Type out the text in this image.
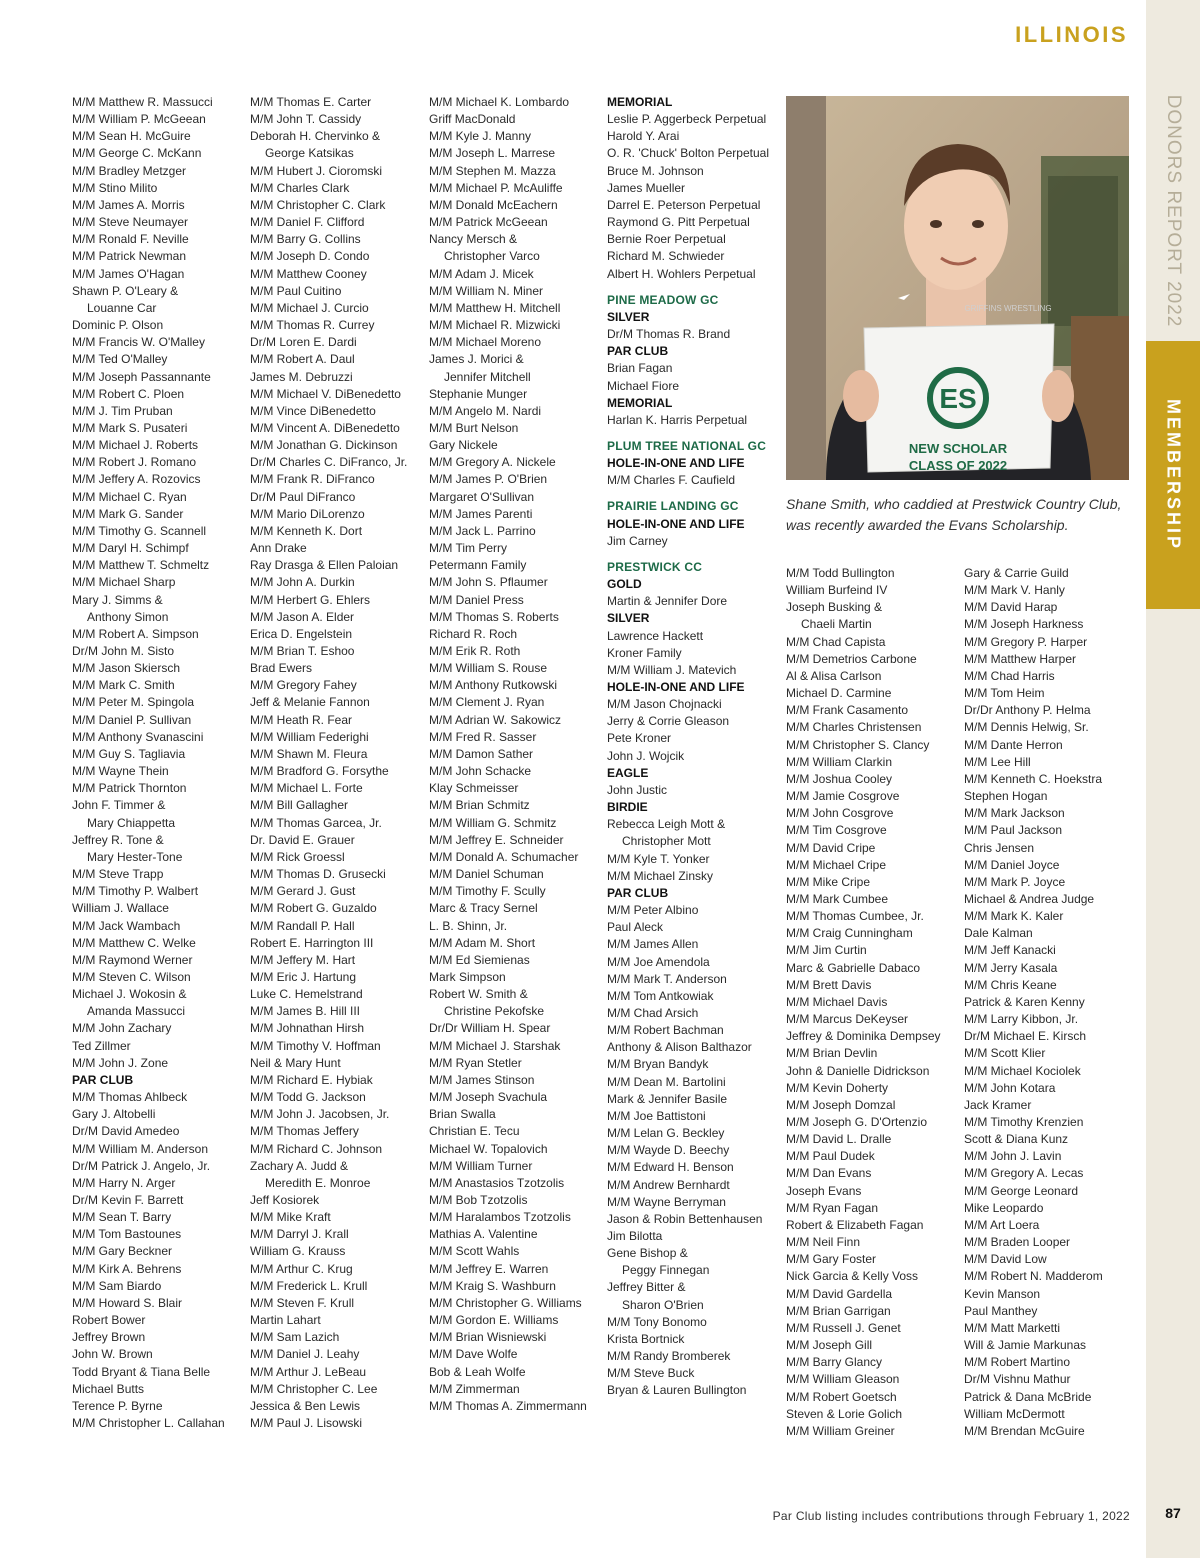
DONORS REPORT 2022
MEMBERSHIP
ILLINOIS
M/M Matthew R. Massucci
M/M William P. McGeean
M/M Sean H. McGuire
M/M George C. McKann
M/M Bradley Metzger
M/M Stino Milito
M/M James A. Morris
M/M Steve Neumayer
M/M Ronald F. Neville
M/M Patrick Newman
M/M James O'Hagan
Shawn P. O'Leary &
Louanne Car
Dominic P. Olson
M/M Francis W. O'Malley
M/M Ted O'Malley
M/M Joseph Passannante
M/M Robert C. Ploen
M/M J. Tim Pruban
M/M Mark S. Pusateri
M/M Michael J. Roberts
M/M Robert J. Romano
M/M Jeffery A. Rozovics
M/M Michael C. Ryan
M/M Mark G. Sander
M/M Timothy G. Scannell
M/M Daryl H. Schimpf
M/M Matthew T. Schmeltz
M/M Michael Sharp
Mary J. Simms &
Anthony Simon
M/M Robert A. Simpson
Dr/M John M. Sisto
M/M Jason Skiersch
M/M Mark C. Smith
M/M Peter M. Spingola
M/M Daniel P. Sullivan
M/M Anthony Svanascini
M/M Guy S. Tagliavia
M/M Wayne Thein
M/M Patrick Thornton
John F. Timmer &
Mary Chiappetta
Jeffrey R. Tone &
Mary Hester-Tone
M/M Steve Trapp
M/M Timothy P. Walbert
William J. Wallace
M/M Jack Wambach
M/M Matthew C. Welke
M/M Raymond Werner
M/M Steven C. Wilson
Michael J. Wokosin &
Amanda Massucci
M/M John Zachary
Ted Zillmer
M/M John J. Zone
PAR CLUB
M/M Thomas Ahlbeck
Gary J. Altobelli
Dr/M David Amedeo
M/M William M. Anderson
Dr/M Patrick J. Angelo, Jr.
M/M Harry N. Arger
Dr/M Kevin F. Barrett
M/M Sean T. Barry
M/M Tom Bastounes
M/M Gary Beckner
M/M Kirk A. Behrens
M/M Sam Biardo
M/M Howard S. Blair
Robert Bower
Jeffrey Brown
John W. Brown
Todd Bryant & Tiana Belle
Michael Butts
Terence P. Byrne
M/M Christopher L. Callahan
M/M Thomas E. Carter
M/M John T. Cassidy
Deborah H. Chervinko &
George Katsikas
M/M Hubert J. Cioromski
M/M Charles Clark
M/M Christopher C. Clark
M/M Daniel F. Clifford
M/M Barry G. Collins
M/M Joseph D. Condo
M/M Matthew Cooney
M/M Paul Cuitino
M/M Michael J. Curcio
M/M Thomas R. Currey
Dr/M Loren E. Dardi
M/M Robert A. Daul
James M. Debruzzi
M/M Michael V. DiBenedetto
M/M Vince DiBenedetto
M/M Vincent A. DiBenedetto
M/M Jonathan G. Dickinson
Dr/M Charles C. DiFranco, Jr.
M/M Frank R. DiFranco
Dr/M Paul DiFranco
M/M Mario DiLorenzo
M/M Kenneth K. Dort
Ann Drake
Ray Drasga & Ellen Paloian
M/M John A. Durkin
M/M Herbert G. Ehlers
M/M Jason A. Elder
Erica D. Engelstein
M/M Brian T. Eshoo
Brad Ewers
M/M Gregory Fahey
Jeff & Melanie Fannon
M/M Heath R. Fear
M/M William Federighi
M/M Shawn M. Fleura
M/M Bradford G. Forsythe
M/M Michael L. Forte
M/M Bill Gallagher
M/M Thomas Garcea, Jr.
Dr. David E. Grauer
M/M Rick Groessl
M/M Thomas D. Grusecki
M/M Gerard J. Gust
M/M Robert G. Guzaldo
M/M Randall P. Hall
Robert E. Harrington III
M/M Jeffery M. Hart
M/M Eric J. Hartung
Luke C. Hemelstrand
M/M James B. Hill III
M/M Johnathan Hirsh
M/M Timothy V. Hoffman
Neil & Mary Hunt
M/M Richard E. Hybiak
M/M Todd G. Jackson
M/M John J. Jacobsen, Jr.
M/M Thomas Jeffery
M/M Richard C. Johnson
Zachary A. Judd &
Meredith E. Monroe
Jeff Kosiorek
M/M Mike Kraft
M/M Darryl J. Krall
William G. Krauss
M/M Arthur C. Krug
M/M Frederick L. Krull
M/M Steven F. Krull
Martin Lahart
M/M Sam Lazich
M/M Daniel J. Leahy
M/M Arthur J. LeBeau
M/M Christopher C. Lee
Jessica & Ben Lewis
M/M Paul J. Lisowski
M/M Michael K. Lombardo
Griff MacDonald
M/M Kyle J. Manny
M/M Joseph L. Marrese
M/M Stephen M. Mazza
M/M Michael P. McAuliffe
M/M Donald McEachern
M/M Patrick McGeean
Nancy Mersch &
Christopher Varco
M/M Adam J. Micek
M/M William N. Miner
M/M Matthew H. Mitchell
M/M Michael R. Mizwicki
M/M Michael Moreno
James J. Morici &
Jennifer Mitchell
Stephanie Munger
M/M Angelo M. Nardi
M/M Burt Nelson
Gary Nickele
M/M Gregory A. Nickele
M/M James P. O'Brien
Margaret O'Sullivan
M/M James Parenti
M/M Jack L. Parrino
M/M Tim Perry
Petermann Family
M/M John S. Pflaumer
M/M Daniel Press
M/M Thomas S. Roberts
Richard R. Roch
M/M Erik R. Roth
M/M William S. Rouse
M/M Anthony Rutkowski
M/M Clement J. Ryan
M/M Adrian W. Sakowicz
M/M Fred R. Sasser
M/M Damon Sather
M/M John Schacke
Klay Schmeisser
M/M Brian Schmitz
M/M William G. Schmitz
M/M Jeffrey E. Schneider
M/M Donald A. Schumacher
M/M Daniel Schuman
M/M Timothy F. Scully
Marc & Tracy Sernel
L. B. Shinn, Jr.
M/M Adam M. Short
M/M Ed Siemienas
Mark Simpson
Robert W. Smith &
Christine Pekofske
Dr/Dr William H. Spear
M/M Michael J. Starshak
M/M Ryan Stetler
M/M James Stinson
M/M Joseph Svachula
Brian Swalla
Christian E. Tecu
Michael W. Topalovich
M/M William Turner
M/M Anastasios Tzotzolis
M/M Bob Tzotzolis
M/M Haralambos Tzotzolis
Mathias A. Valentine
M/M Scott Wahls
M/M Jeffrey E. Warren
M/M Kraig S. Washburn
M/M Christopher G. Williams
M/M Gordon E. Williams
M/M Brian Wisniewski
M/M Dave Wolfe
Bob & Leah Wolfe
M/M Zimmerman
M/M Thomas A. Zimmermann
MEMORIAL
Leslie P. Aggerbeck Perpetual
Harold Y. Arai
O. R. 'Chuck' Bolton Perpetual
Bruce M. Johnson
James Mueller
Darrel E. Peterson Perpetual
Raymond G. Pitt Perpetual
Bernie Roer Perpetual
Richard M. Schwieder
Albert H. Wohlers Perpetual
PINE MEADOW GC
SILVER
Dr/M Thomas R. Brand
PAR CLUB
Brian Fagan
Michael Fiore
MEMORIAL
Harlan K. Harris Perpetual
PLUM TREE NATIONAL GC
HOLE-IN-ONE AND LIFE
M/M Charles F. Caufield
PRAIRIE LANDING GC
HOLE-IN-ONE AND LIFE
Jim Carney
PRESTWICK CC
GOLD
Martin & Jennifer Dore
SILVER
Lawrence Hackett
Kroner Family
M/M William J. Matevich
HOLE-IN-ONE AND LIFE
M/M Jason Chojnacki
Jerry & Corrie Gleason
Pete Kroner
John J. Wojcik
EAGLE
John Justic
BIRDIE
Rebecca Leigh Mott &
Christopher Mott
M/M Kyle T. Yonker
M/M Michael Zinsky
PAR CLUB
M/M Peter Albino
Paul Aleck
M/M James Allen
M/M Joe Amendola
M/M Mark T. Anderson
M/M Tom Antkowiak
M/M Chad Arsich
M/M Robert Bachman
Anthony & Alison Balthazor
M/M Bryan Bandyk
M/M Dean M. Bartolini
Mark & Jennifer Basile
M/M Joe Battistoni
M/M Lelan G. Beckley
M/M Wayde D. Beechy
M/M Edward H. Benson
M/M Andrew Bernhardt
M/M Wayne Berryman
Jason & Robin Bettenhausen
Jim Bilotta
Gene Bishop &
Peggy Finnegan
Jeffrey Bitter &
Sharon O'Brien
M/M Tony Bonomo
Krista Bortnick
M/M Randy Bromberek
M/M Steve Buck
Bryan & Lauren Bullington
M/M Todd Bullington
William Burfeind IV
Joseph Busking &
Chaeli Martin
M/M Chad Capista
M/M Demetrios Carbone
Al & Alisa Carlson
Michael D. Carmine
M/M Frank Casamento
M/M Charles Christensen
M/M Christopher S. Clancy
M/M William Clarkin
M/M Joshua Cooley
M/M Jamie Cosgrove
M/M John Cosgrove
M/M Tim Cosgrove
M/M David Cripe
M/M Michael Cripe
M/M Mike Cripe
M/M Mark Cumbee
M/M Thomas Cumbee, Jr.
M/M Craig Cunningham
M/M Jim Curtin
Marc & Gabrielle Dabaco
M/M Brett Davis
M/M Michael Davis
M/M Marcus DeKeyser
Jeffrey & Dominika Dempsey
M/M Brian Devlin
John & Danielle Didrickson
M/M Kevin Doherty
M/M Joseph Domzal
M/M Joseph G. D'Ortenzio
M/M David L. Dralle
M/M Paul Dudek
M/M Dan Evans
Joseph Evans
M/M Ryan Fagan
Robert & Elizabeth Fagan
M/M Neil Finn
M/M Gary Foster
Nick Garcia & Kelly Voss
M/M David Gardella
M/M Brian Garrigan
M/M Russell J. Genet
M/M Joseph Gill
M/M Barry Glancy
M/M William Gleason
M/M Robert Goetsch
Steven & Lorie Golich
M/M William Greiner
Gary & Carrie Guild
M/M Mark V. Hanly
M/M David Harap
M/M Joseph Harkness
M/M Gregory P. Harper
M/M Matthew Harper
M/M Chad Harris
M/M Tom Heim
Dr/Dr Anthony P. Helma
M/M Dennis Helwig, Sr.
M/M Dante Herron
M/M Lee Hill
M/M Kenneth C. Hoekstra
Stephen Hogan
M/M Mark Jackson
M/M Paul Jackson
Chris Jensen
M/M Daniel Joyce
M/M Mark P. Joyce
Michael & Andrea Judge
M/M Mark K. Kaler
Dale Kalman
M/M Jeff Kanacki
M/M Jerry Kasala
M/M Chris Keane
Patrick & Karen Kenny
M/M Larry Kibbon, Jr.
Dr/M Michael E. Kirsch
M/M Scott Klier
M/M Michael Kociolek
M/M John Kotara
Jack Kramer
M/M Timothy Krenzien
Scott & Diana Kunz
M/M John J. Lavin
M/M Gregory A. Lecas
M/M George Leonard
Mike Leopardo
M/M Art Loera
M/M Braden Looper
M/M David Low
M/M Robert N. Madderom
Kevin Manson
Paul Manthey
M/M Matt Marketti
Will & Jamie Markunas
M/M Robert Martino
Dr/M Vishnu Mathur
Patrick & Dana McBride
William McDermott
M/M Brendan McGuire
ES
NEW SCHOLAR
CLASS OF 2022
GRIFFINS WRESTLING
Shane Smith, who caddied at Prestwick Country Club, was recently awarded the Evans Scholarship.
Par Club listing includes contributions through February 1, 2022	87
